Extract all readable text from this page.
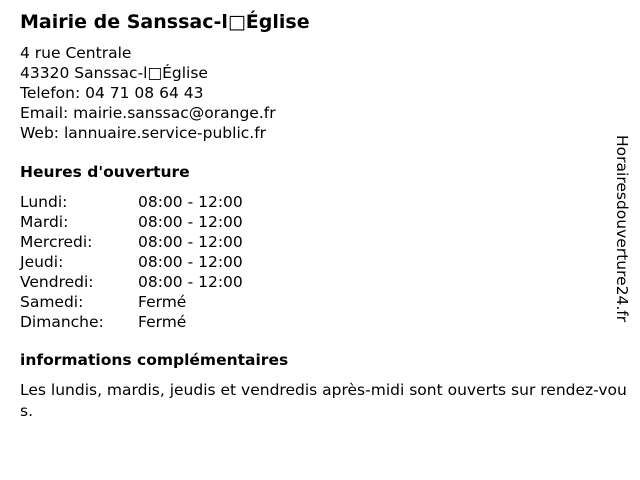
Mairie de Sanssac-l□Église
4 rue Centrale
43320 Sanssac-l□Église
Telefon: 04 71 08 64 43
Email: mairie.sanssac@orange.fr
Web: lannuaire.service-public.fr
Heures d'ouverture
Lundi:	08:00 - 12:00
Mardi:	08:00 - 12:00
Mercredi:	08:00 - 12:00
Jeudi:	08:00 - 12:00
Vendredi:	08:00 - 12:00
Samedi:	Fermé
Dimanche:	Fermé
informations complémentaires
Les lundis, mardis, jeudis et vendredis après-midi sont ouverts sur rendez-vous.
Horairesdouverture24.fr
